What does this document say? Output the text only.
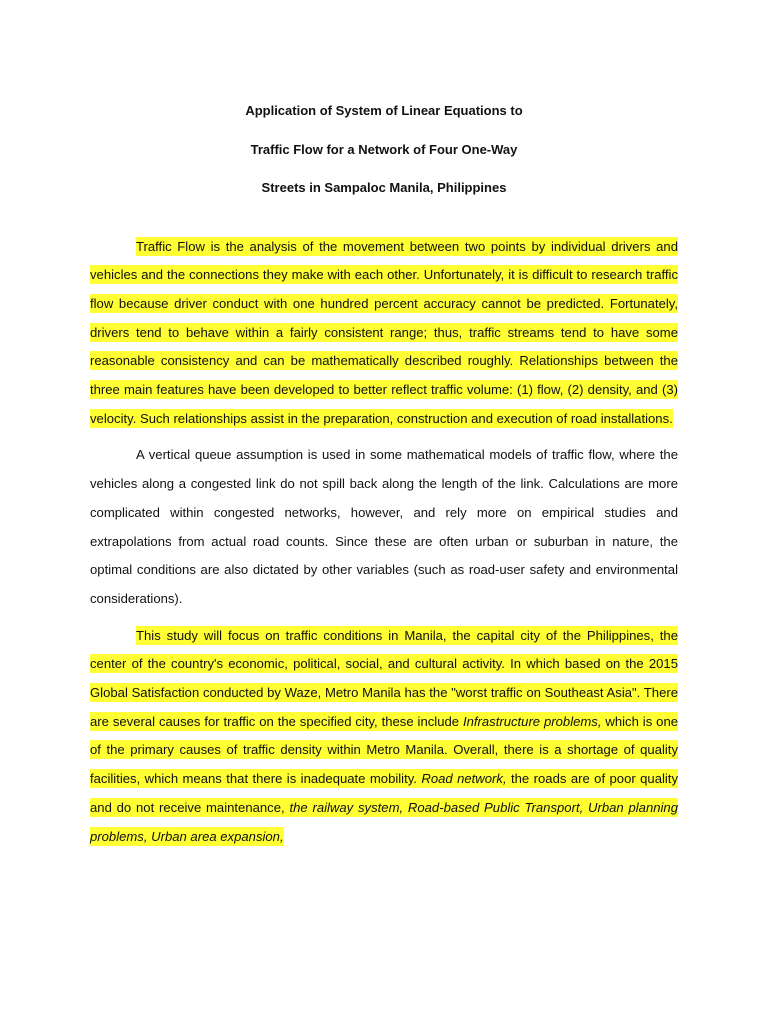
Application of System of Linear Equations to
Traffic Flow for a Network of Four One-Way
Streets in Sampaloc Manila, Philippines

Traffic Flow is the analysis of the movement between two points by individual drivers and vehicles and the connections they make with each other. Unfortunately, it is difficult to research traffic flow because driver conduct with one hundred percent accuracy cannot be predicted. Fortunately, drivers tend to behave within a fairly consistent range; thus, traffic streams tend to have some reasonable consistency and can be mathematically described roughly. Relationships between the three main features have been developed to better reflect traffic volume: (1) flow, (2) density, and (3) velocity. Such relationships assist in the preparation, construction and execution of road installations.

A vertical queue assumption is used in some mathematical models of traffic flow, where the vehicles along a congested link do not spill back along the length of the link. Calculations are more complicated within congested networks, however, and rely more on empirical studies and extrapolations from actual road counts. Since these are often urban or suburban in nature, the optimal conditions are also dictated by other variables (such as road-user safety and environmental considerations).

This study will focus on traffic conditions in Manila, the capital city of the Philippines, the center of the country's economic, political, social, and cultural activity. In which based on the 2015 Global Satisfaction conducted by Waze, Metro Manila has the "worst traffic on Southeast Asia". There are several causes for traffic on the specified city, these include Infrastructure problems, which is one of the primary causes of traffic density within Metro Manila. Overall, there is a shortage of quality facilities, which means that there is inadequate mobility. Road network, the roads are of poor quality and do not receive maintenance, the railway system, Road-based Public Transport, Urban planning problems, Urban area expansion,
